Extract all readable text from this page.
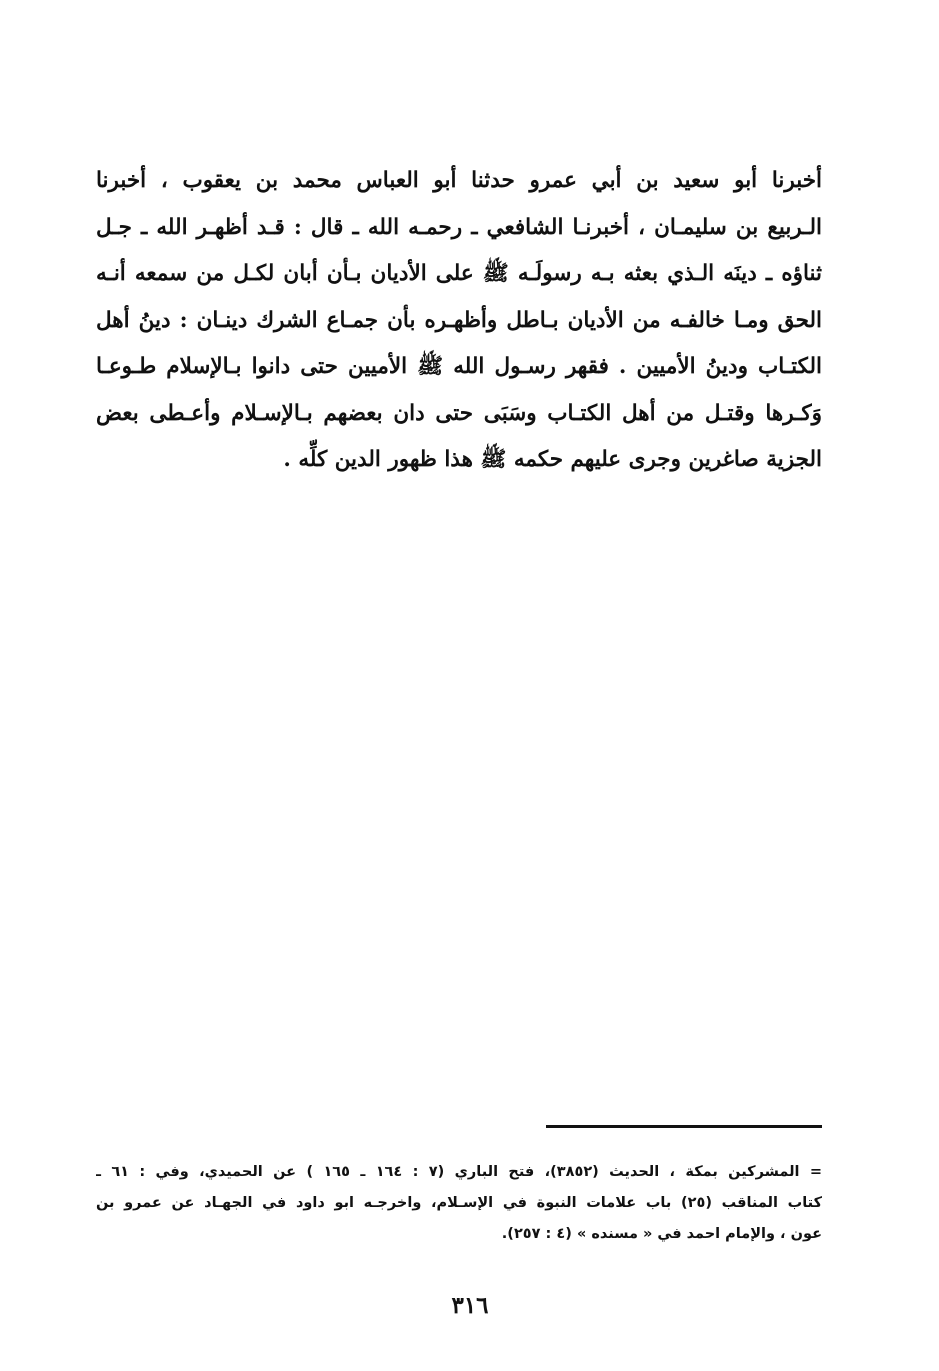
أخبرنا أبو سعيد بن أبي عمرو حدثنا أبو العباس محمد بن يعقوب ، أخبرنا
الـربيع بن سليمـان ، أخبرنـا الشافعي ـ رحمـه الله ـ قال : قـد أظهـر الله ـ جـل
ثناؤه ـ دينَه الـذي بعثه بـه رسولَـه ﷺ على الأديان بـأن أبان لكـل من سمعه أنـه
الحق ومـا خالفـه من الأديان بـاطل وأظهـره بأن جمـاع الشرك دينـان : دينُ أهل
الكتـاب ودينُ الأميين . فقهر رسـول الله ﷺ الأميين حتى دانوا بـالإسلام طـوعـا
وَكـرها وقتـل من أهل الكتـاب وسَبَى حتى دان بعضهم بـالإسـلام وأعـطى بعض
الجزية صاغرين وجرى عليهم حكمه ﷺ هذا ظهور الدين كلِّه .
= المشركين بمكة ، الحديث (٣٨٥٢)، فتح الباري (٧ : ١٦٤ ـ ١٦٥ ) عن الحميدي، وفي : ٦١ ـ
كتاب المناقب (٢٥) باب علامات النبوة في الإسـلام، واخرجـه ابو داود في الجهـاد عن عمرو بن
عون ، والإمام احمد في « مسنده » (٤ : ٢٥٧).
٣١٦
